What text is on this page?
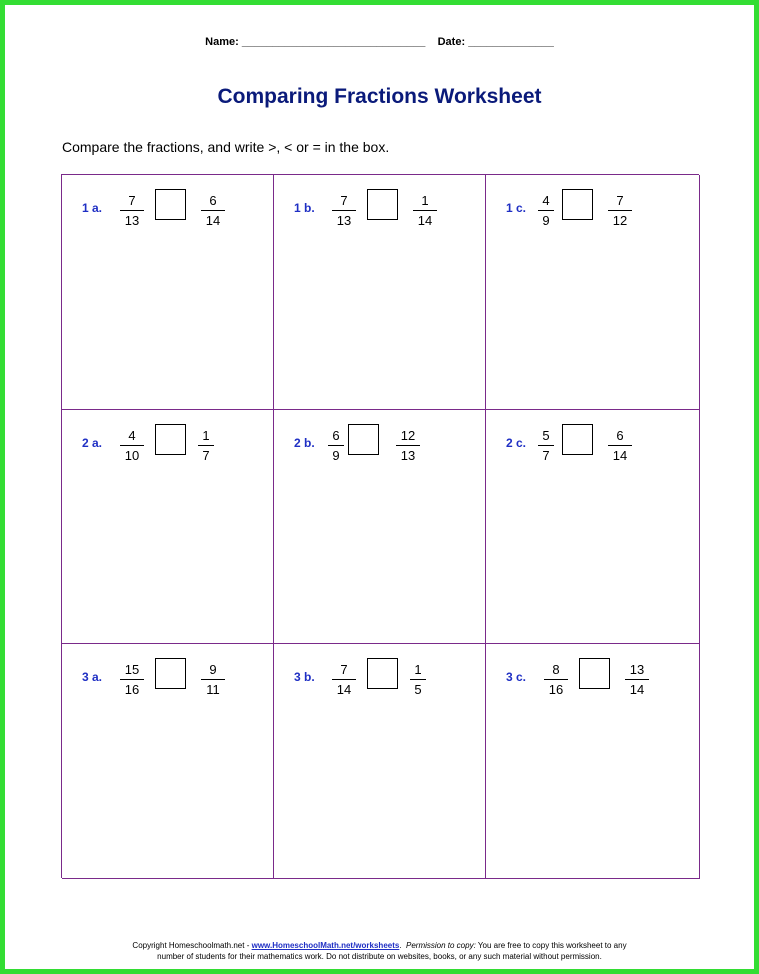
Name: ______________________________ Date: ______________
Comparing Fractions Worksheet
Compare the fractions, and write >, < or = in the box.
1 a. 7
13
6
14
1 b. 7
13
1
14
1 c. 4
9
7
12
2 a. 4
10
1
7
2 b. 6
9
12
13
2 c. 5
7
6
14
3 a. 15
16
9
11
3 b. 7
14
1
5
3 c. 8
16
13
14
Copyright Homeschoolmath.net - www.HomeschoolMath.net/worksheets.  Permission to copy: You are free to copy this worksheet to any
number of students for their mathematics work. Do not distribute on websites, books, or any such material without permission.
